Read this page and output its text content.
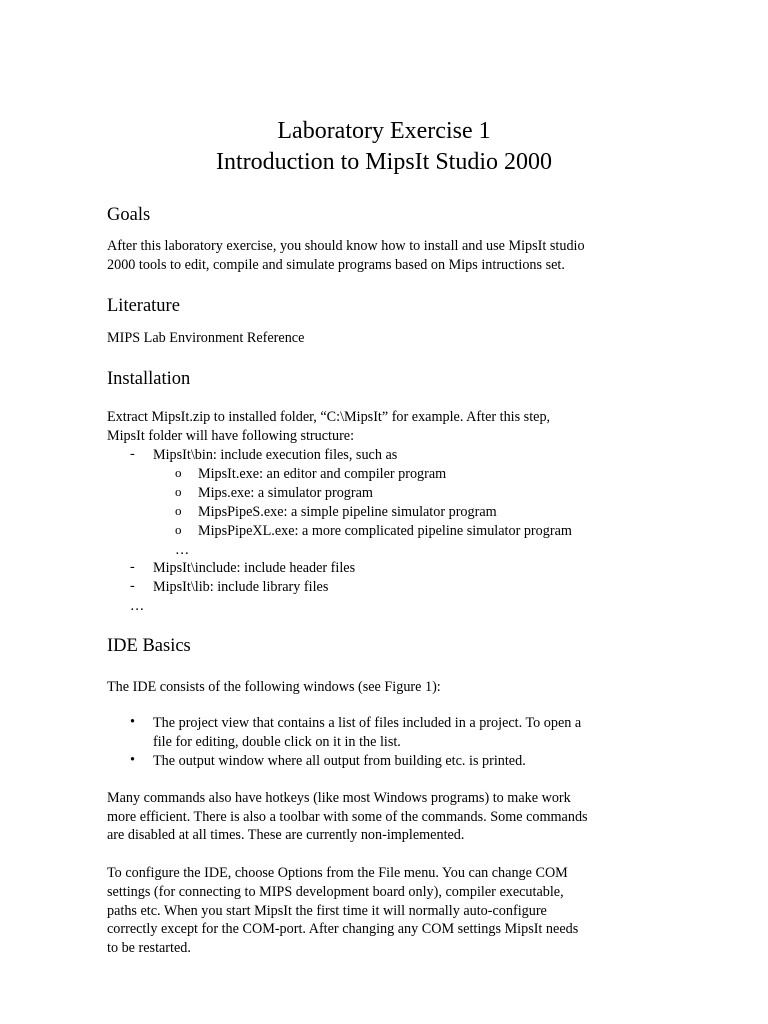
Laboratory Exercise 1
Introduction to MipsIt Studio 2000
Goals
After this laboratory exercise, you should know how to install and use MipsIt studio
2000 tools to edit, compile and simulate programs based on Mips intructions set.
Literature
MIPS Lab Environment Reference
Installation
Extract MipsIt.zip to installed folder, “C:\MipsIt” for example. After this step,
MipsIt folder will have following structure:
- MipsIt\bin: include execution files, such as
o MipsIt.exe: an editor and compiler program
o Mips.exe: a simulator program
o MipsPipeS.exe: a simple pipeline simulator program
o MipsPipeXL.exe: a more complicated pipeline simulator program
…
- MipsIt\include: include header files
- MipsIt\lib: include library files
…
IDE Basics
The IDE consists of the following windows (see Figure 1):
• The project view that contains a list of files included in a project. To open a
file for editing, double click on it in the list.
• The output window where all output from building etc. is printed.
Many commands also have hotkeys (like most Windows programs) to make work
more efficient. There is also a toolbar with some of the commands. Some commands
are disabled at all times. These are currently non-implemented.
To configure the IDE, choose Options from the File menu. You can change COM
settings (for connecting to MIPS development board only), compiler executable,
paths etc. When you start MipsIt the first time it will normally auto-configure
correctly except for the COM-port. After changing any COM settings MipsIt needs
to be restarted.
